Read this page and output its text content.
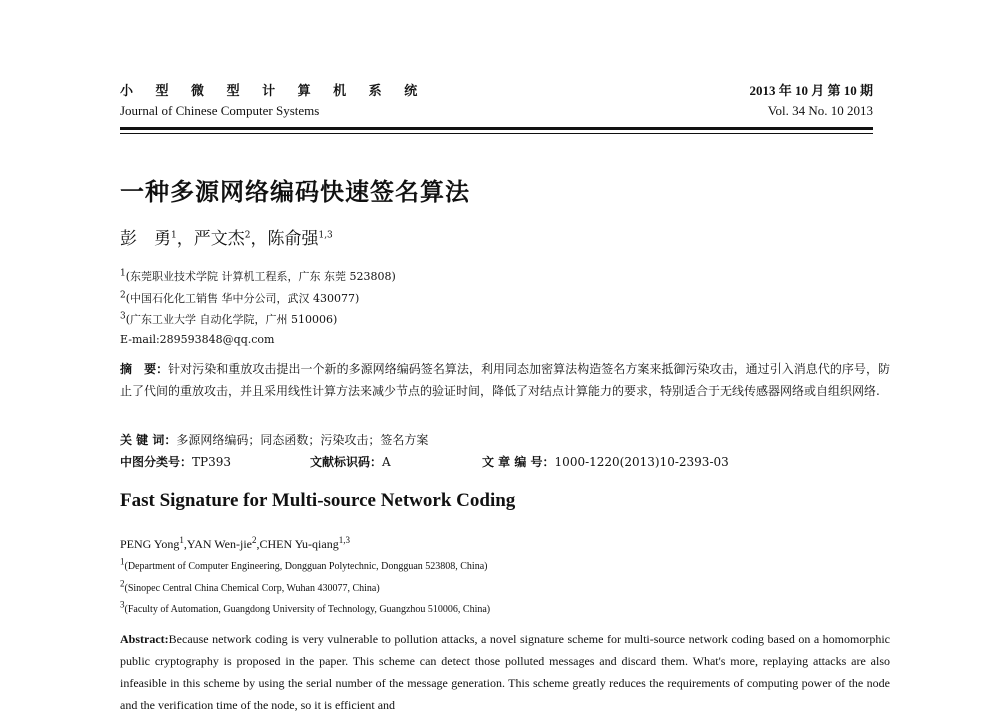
小 型 微 型 计 算 机 系 统
Journal of Chinese Computer Systems
2013 年 10 月 第 10 期
Vol. 34 No. 10 2013
一种多源网络编码快速签名算法
彭　勇$^1$，严文杰$^2$，陈俞强$^{1,3}$
$^1$(东莞职业技术学院 计算机工程系，广东 东莞 523808)
$^2$(中国石化化工销售 华中分公司，武汉 430077)
$^3$(广东工业大学 自动化学院，广州 510006)
E-mail:289593848@qq.com
摘　要：针对污染和重放攻击提出一个新的多源网络编码签名算法，利用同态加密算法构造签名方案来抵御污染攻击，通过引入消息代的序号，防止了代间的重放攻击，并且采用线性计算方法来减少节点的验证时间，降低了对结点计算能力的要求，特别适合于无线传感器网络或自组织网络.
关 键 词：多源网络编码；同态函数；污染攻击；签名方案
中图分类号：TP393	文献标识码：A	文 章 编 号：1000-1220(2013)10-2393-03
Fast Signature for Multi-source Network Coding
PENG Yong$^1$,YAN Wen-jie$^2$,CHEN Yu-qiang$^{1,3}$
$^1$(Department of Computer Engineering, Dongguan Polytechnic, Dongguan 523808, China)
$^2$(Sinopec Central China Chemical Corp, Wuhan 430077, China)
$^3$(Faculty of Automation, Guangdong University of Technology, Guangzhou 510006, China)
Abstract:Because network coding is very vulnerable to pollution attacks, a novel signature scheme for multi-source network coding based on a homomorphic public cryptography is proposed in the paper. This scheme can detect those polluted messages and discard them. What's more, replaying attacks are also infeasible in this scheme by using the serial number of the message generation. This scheme greatly reduces the requirements of computing power of the node and the verification time of the node, so it is efficient and
